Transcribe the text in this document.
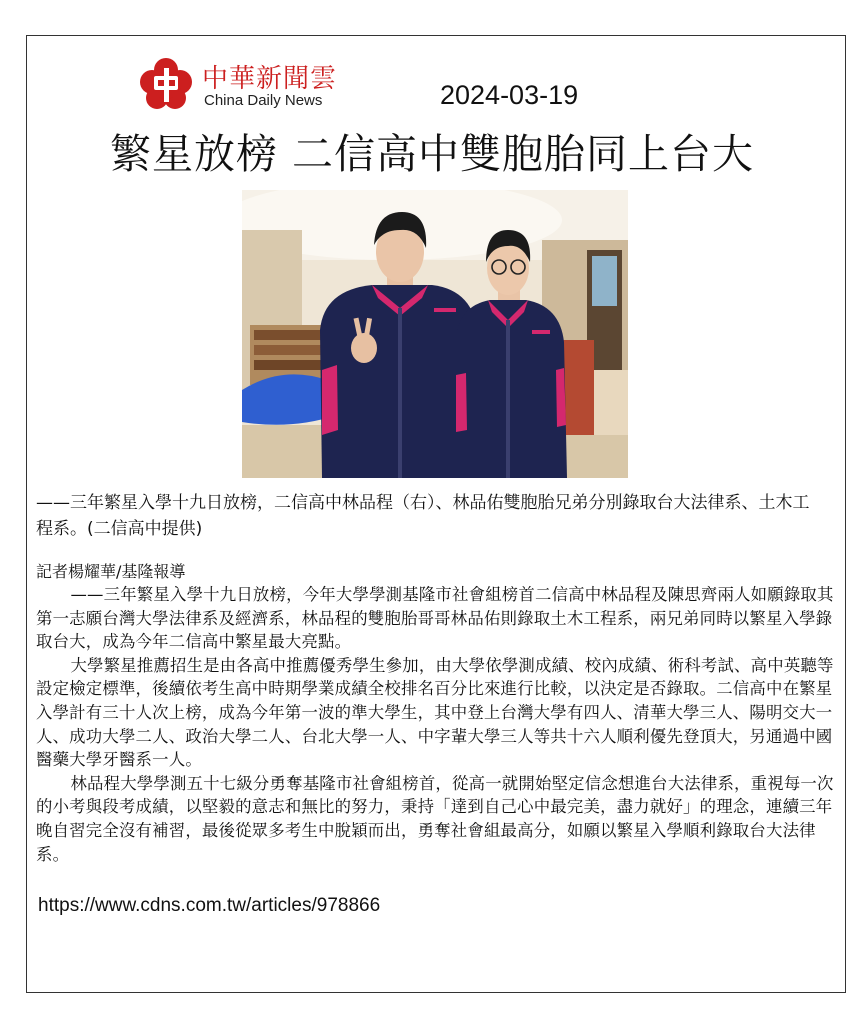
中華新聞雲
China Daily News	2024-03-19
繁星放榜 二信高中雙胞胎同上台大
——三年繁星入學十九日放榜，二信高中林品程（右）、林品佑雙胞胎兄弟分別錄取台大法律系、土木工程系。(二信高中提供)
記者楊耀華/基隆報導

——三年繁星入學十九日放榜，今年大學學測基隆市社會組榜首二信高中林品程及陳思齊兩人如願錄取其第一志願台灣大學法律系及經濟系，林品程的雙胞胎哥哥林品佑則錄取土木工程系，兩兄弟同時以繁星入學錄取台大，成為今年二信高中繁星最大亮點。

大學繁星推薦招生是由各高中推薦優秀學生參加，由大學依學測成績、校內成績、術科考試、高中英聽等設定檢定標準，後續依考生高中時期學業成績全校排名百分比來進行比較，以決定是否錄取。二信高中在繁星入學計有三十人次上榜，成為今年第一波的準大學生，其中登上台灣大學有四人、清華大學三人、陽明交大一人、成功大學二人、政治大學二人、台北大學一人、中字輩大學三人等共十六人順利優先登頂大，另通過中國醫藥大學牙醫系一人。

林品程大學學測五十七級分勇奪基隆市社會組榜首，從高一就開始堅定信念想進台大法律系，重視每一次的小考與段考成績，以堅毅的意志和無比的努力，秉持「達到自己心中最完美，盡力就好」的理念，連續三年晚自習完全沒有補習，最後從眾多考生中脫穎而出，勇奪社會組最高分，如願以繁星入學順利錄取台大法律系。

https://www.cdns.com.tw/articles/978866
